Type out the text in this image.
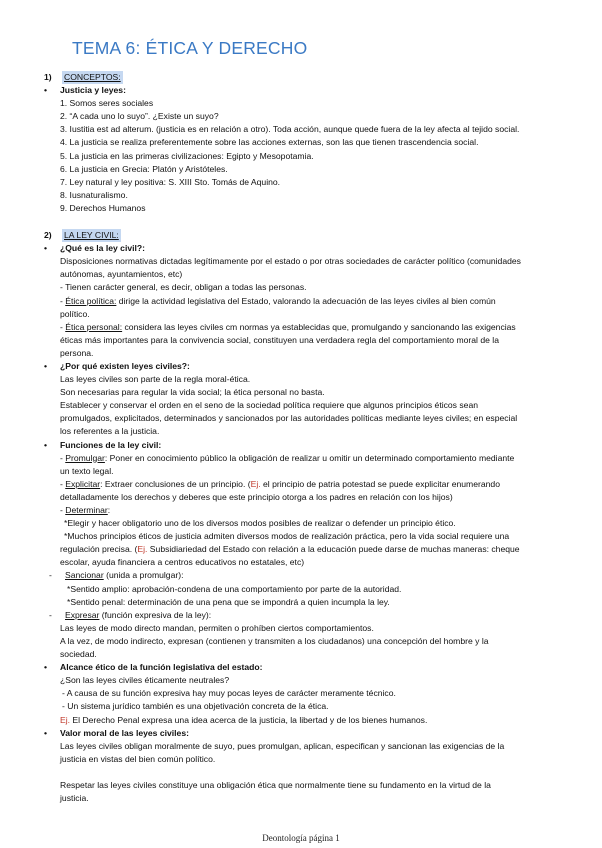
TEMA 6: ÉTICA Y DERECHO
1)	CONCEPTOS:
•	Justicia y leyes:
1. Somos seres sociales
2. “A cada uno lo suyo”. ¿Existe un suyo?
3. Iustitia est ad alterum. (justicia es en relación a otro). Toda acción, aunque quede fuera de la ley afecta al tejido social.
4. La justicia se realiza preferentemente sobre las acciones externas, son las que tienen trascendencia social.
5. La justicia en las primeras civilizaciones: Egipto y Mesopotamia.
6. La justicia en Grecia: Platón y Aristóteles.
7. Ley natural y ley positiva: S. XIII Sto. Tomás de Aquino.
8. Iusnaturalismo.
9. Derechos Humanos
2)	LA LEY CIVIL:
•	¿Qué es la ley civil?:
Disposiciones normativas dictadas legítimamente por el estado o por otras sociedades de carácter político (comunidades
autónomas, ayuntamientos, etc)
- Tienen carácter general, es decir, obligan a todas las personas.
- Ética política: dirige la actividad legislativa del Estado, valorando la adecuación de las leyes civiles al bien común
político.
- Ética personal: considera las leyes civiles cm normas ya establecidas que, promulgando y sancionando las exigencias
éticas más importantes para la convivencia social, constituyen una verdadera regla del comportamiento moral de la
persona.
•	¿Por qué existen leyes civiles?:
Las leyes civiles son parte de la regla moral-ética.
Son necesarias para regular la vida social; la ética personal no basta.
Establecer y conservar el orden en el seno de la sociedad política requiere que algunos principios éticos sean
promulgados, explicitados, determinados y sancionados por las autoridades políticas mediante leyes civiles; en especial
los referentes a la justicia.
•	Funciones de la ley civil:
- Promulgar: Poner en conocimiento público la obligación de realizar u omitir un determinado comportamiento mediante
un texto legal.
- Explicitar: Extraer conclusiones de un principio. (Ej. el principio de patria potestad se puede explicitar enumerando
detalladamente los derechos y deberes que este principio otorga a los padres en relación con los hijos)
- Determinar:
*Elegir y hacer obligatorio uno de los diversos modos posibles de realizar o defender un principio ético.
*Muchos principios éticos de justicia admiten diversos modos de realización práctica, pero la vida social requiere una
regulación precisa. (Ej. Subsidiariedad del Estado con relación a la educación puede darse de muchas maneras: cheque
escolar, ayuda financiera a centros educativos no estatales, etc)
-	Sancionar (unida a promulgar):
*Sentido amplio: aprobación-condena de una comportamiento por parte de la autoridad.
*Sentido penal: determinación de una pena que se impondrá a quien incumpla la ley.
-	Expresar (función expresiva de la ley):
Las leyes de modo directo mandan, permiten o prohíben ciertos comportamientos.
A la vez, de modo indirecto, expresan (contienen y transmiten a los ciudadanos) una concepción del hombre y la
sociedad.
•	Alcance ético de la función legislativa del estado:
¿Son las leyes civiles éticamente neutrales?
- A causa de su función expresiva hay muy pocas leyes de carácter meramente técnico.
- Un sistema jurídico también es una objetivación concreta de la ética.
Ej. El Derecho Penal expresa una idea acerca de la justicia, la libertad y de los bienes humanos.
•	Valor moral de las leyes civiles:
Las leyes civiles obligan moralmente de suyo, pues promulgan, aplican, especifican y sancionan las exigencias de la
justicia en vistas del bien común político.
Respetar las leyes civiles constituye una obligación ética que normalmente tiene su fundamento en la virtud de la
justicia.
Deontología página 1
